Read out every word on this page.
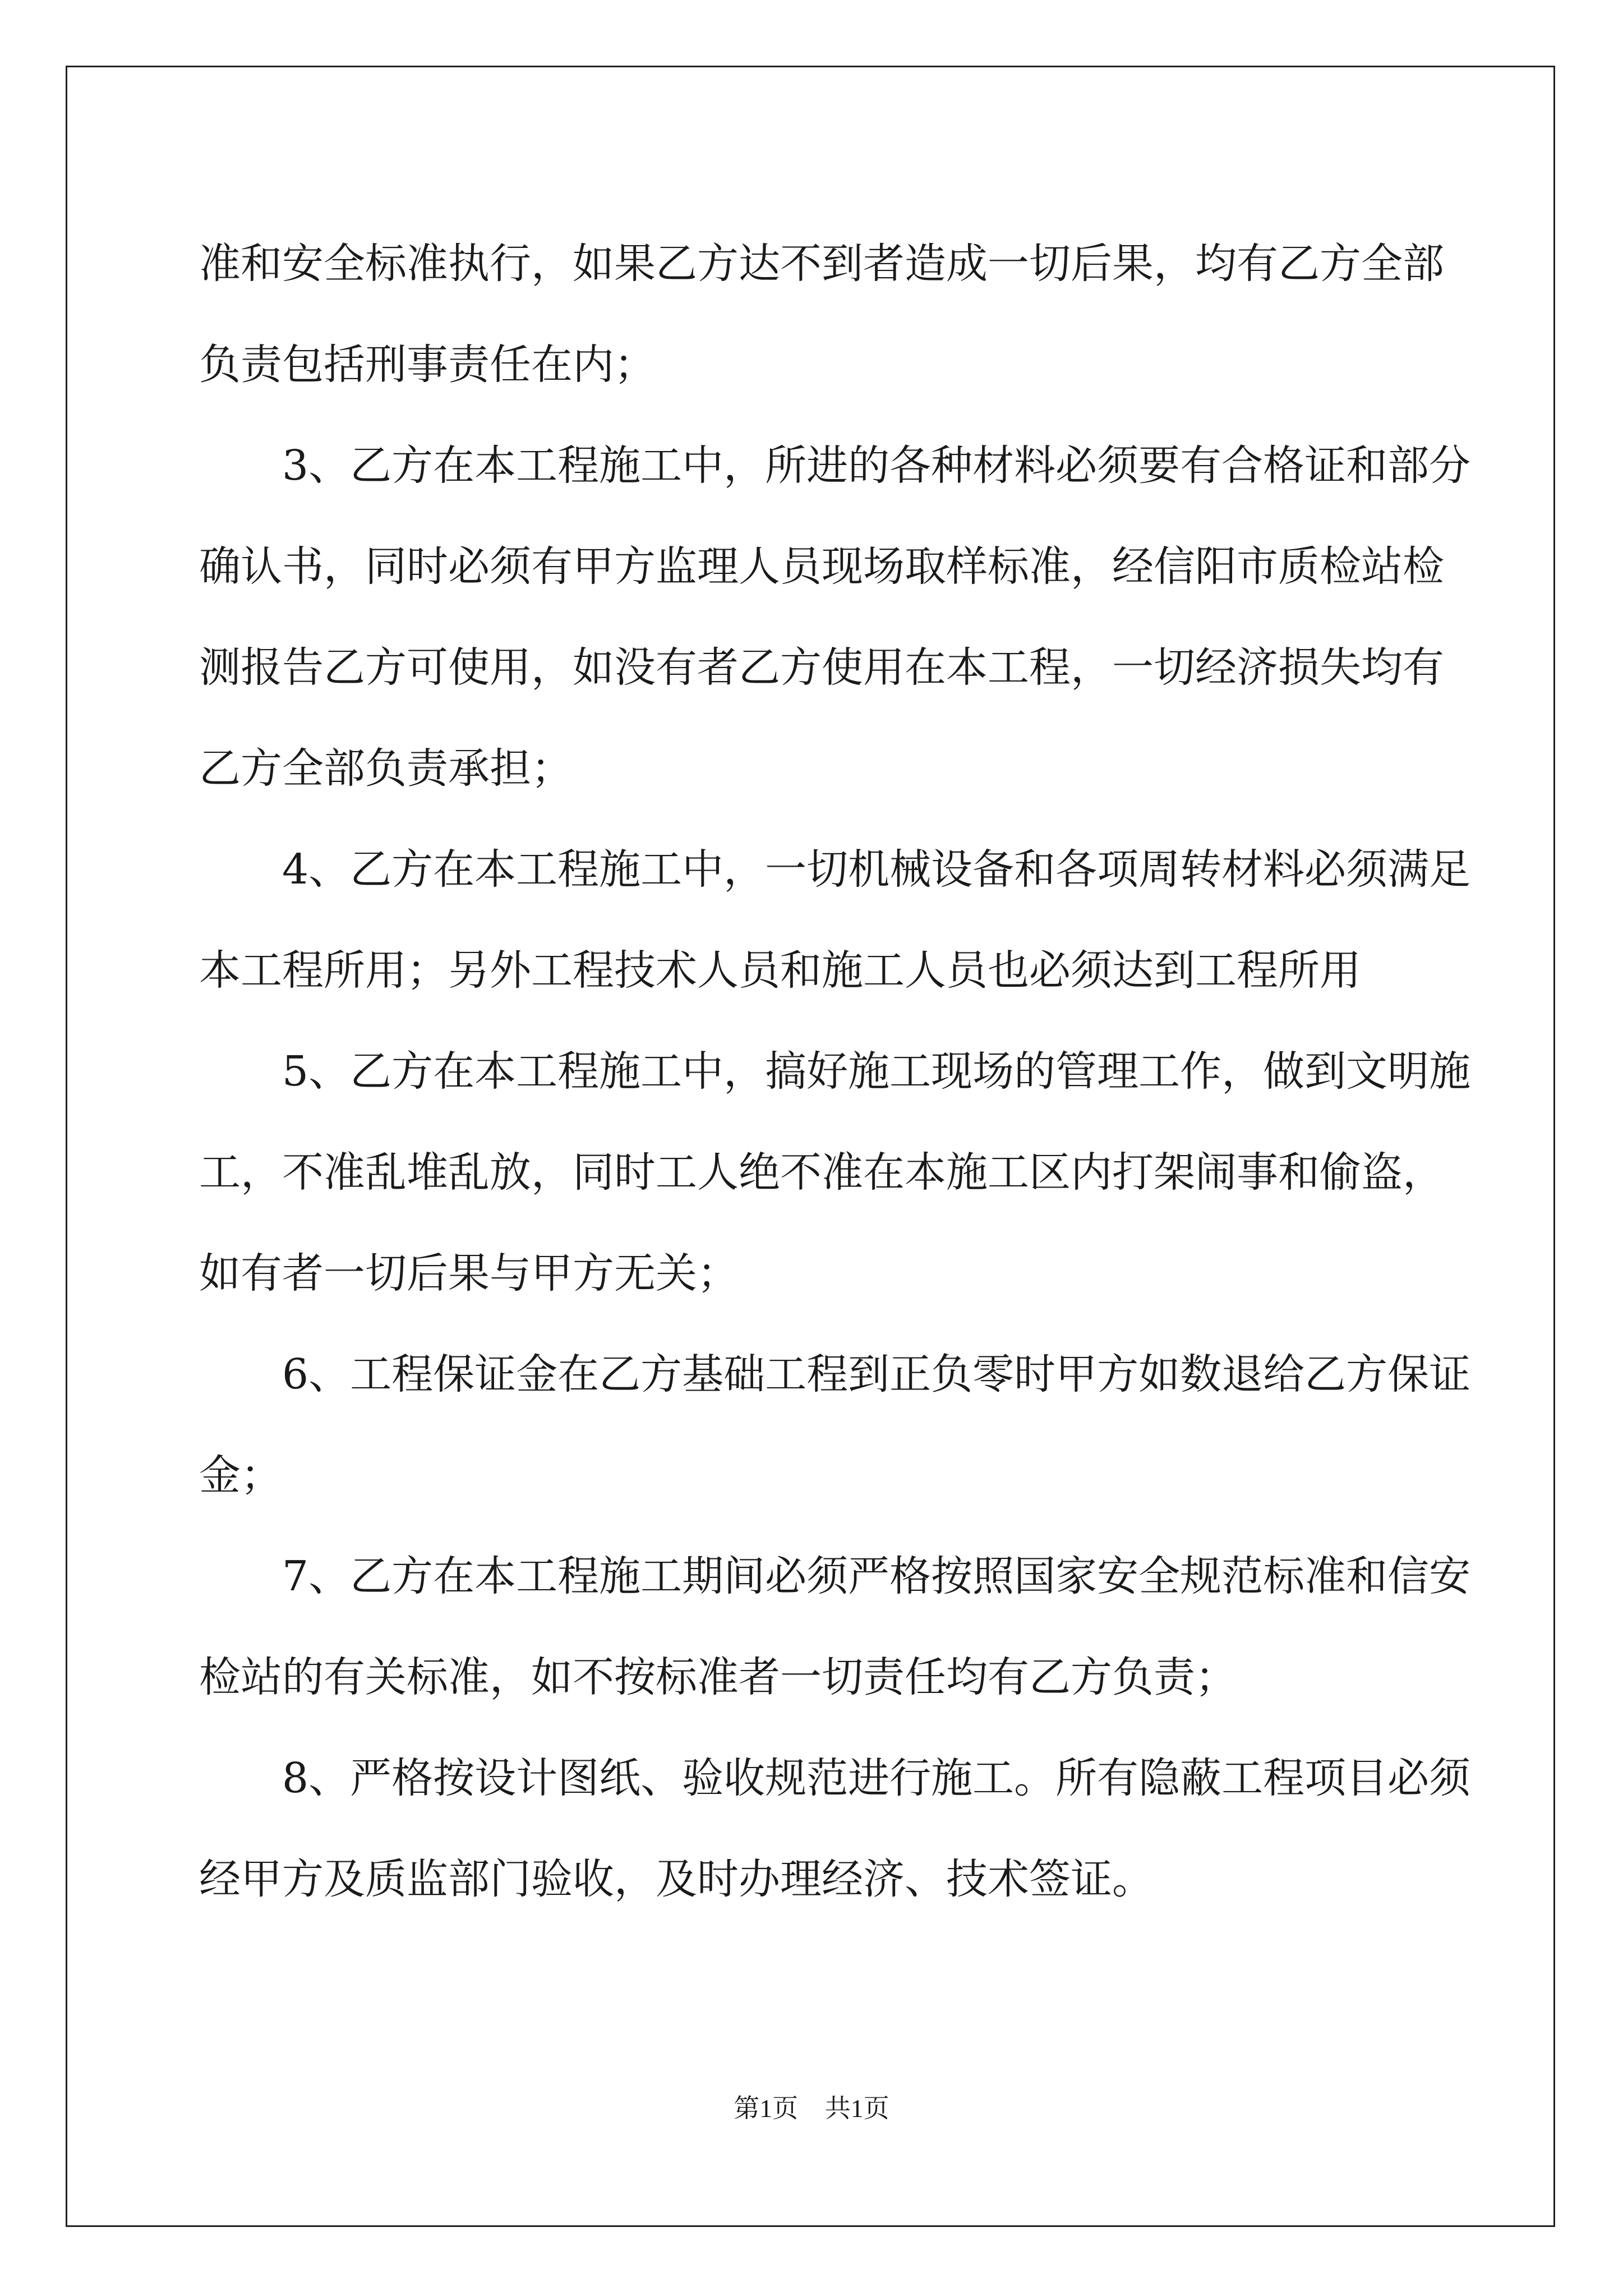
准和安全标准执行，如果乙方达不到者造成一切后果，均有乙方全部
负责包括刑事责任在内；
　　3、乙方在本工程施工中，所进的各种材料必须要有合格证和部分
确认书，同时必须有甲方监理人员现场取样标准，经信阳市质检站检
测报告乙方可使用，如没有者乙方使用在本工程，一切经济损失均有
乙方全部负责承担；
　　4、乙方在本工程施工中，一切机械设备和各项周转材料必须满足
本工程所用；另外工程技术人员和施工人员也必须达到工程所用
　　5、乙方在本工程施工中，搞好施工现场的管理工作，做到文明施
工，不准乱堆乱放，同时工人绝不准在本施工区内打架闹事和偷盗，
如有者一切后果与甲方无关；
　　6、工程保证金在乙方基础工程到正负零时甲方如数退给乙方保证
金；
　　7、乙方在本工程施工期间必须严格按照国家安全规范标准和信安
检站的有关标准，如不按标准者一切责任均有乙方负责；
　　8、严格按设计图纸、验收规范进行施工。所有隐蔽工程项目必须
经甲方及质监部门验收，及时办理经济、技术签证。
第1页 共1页
